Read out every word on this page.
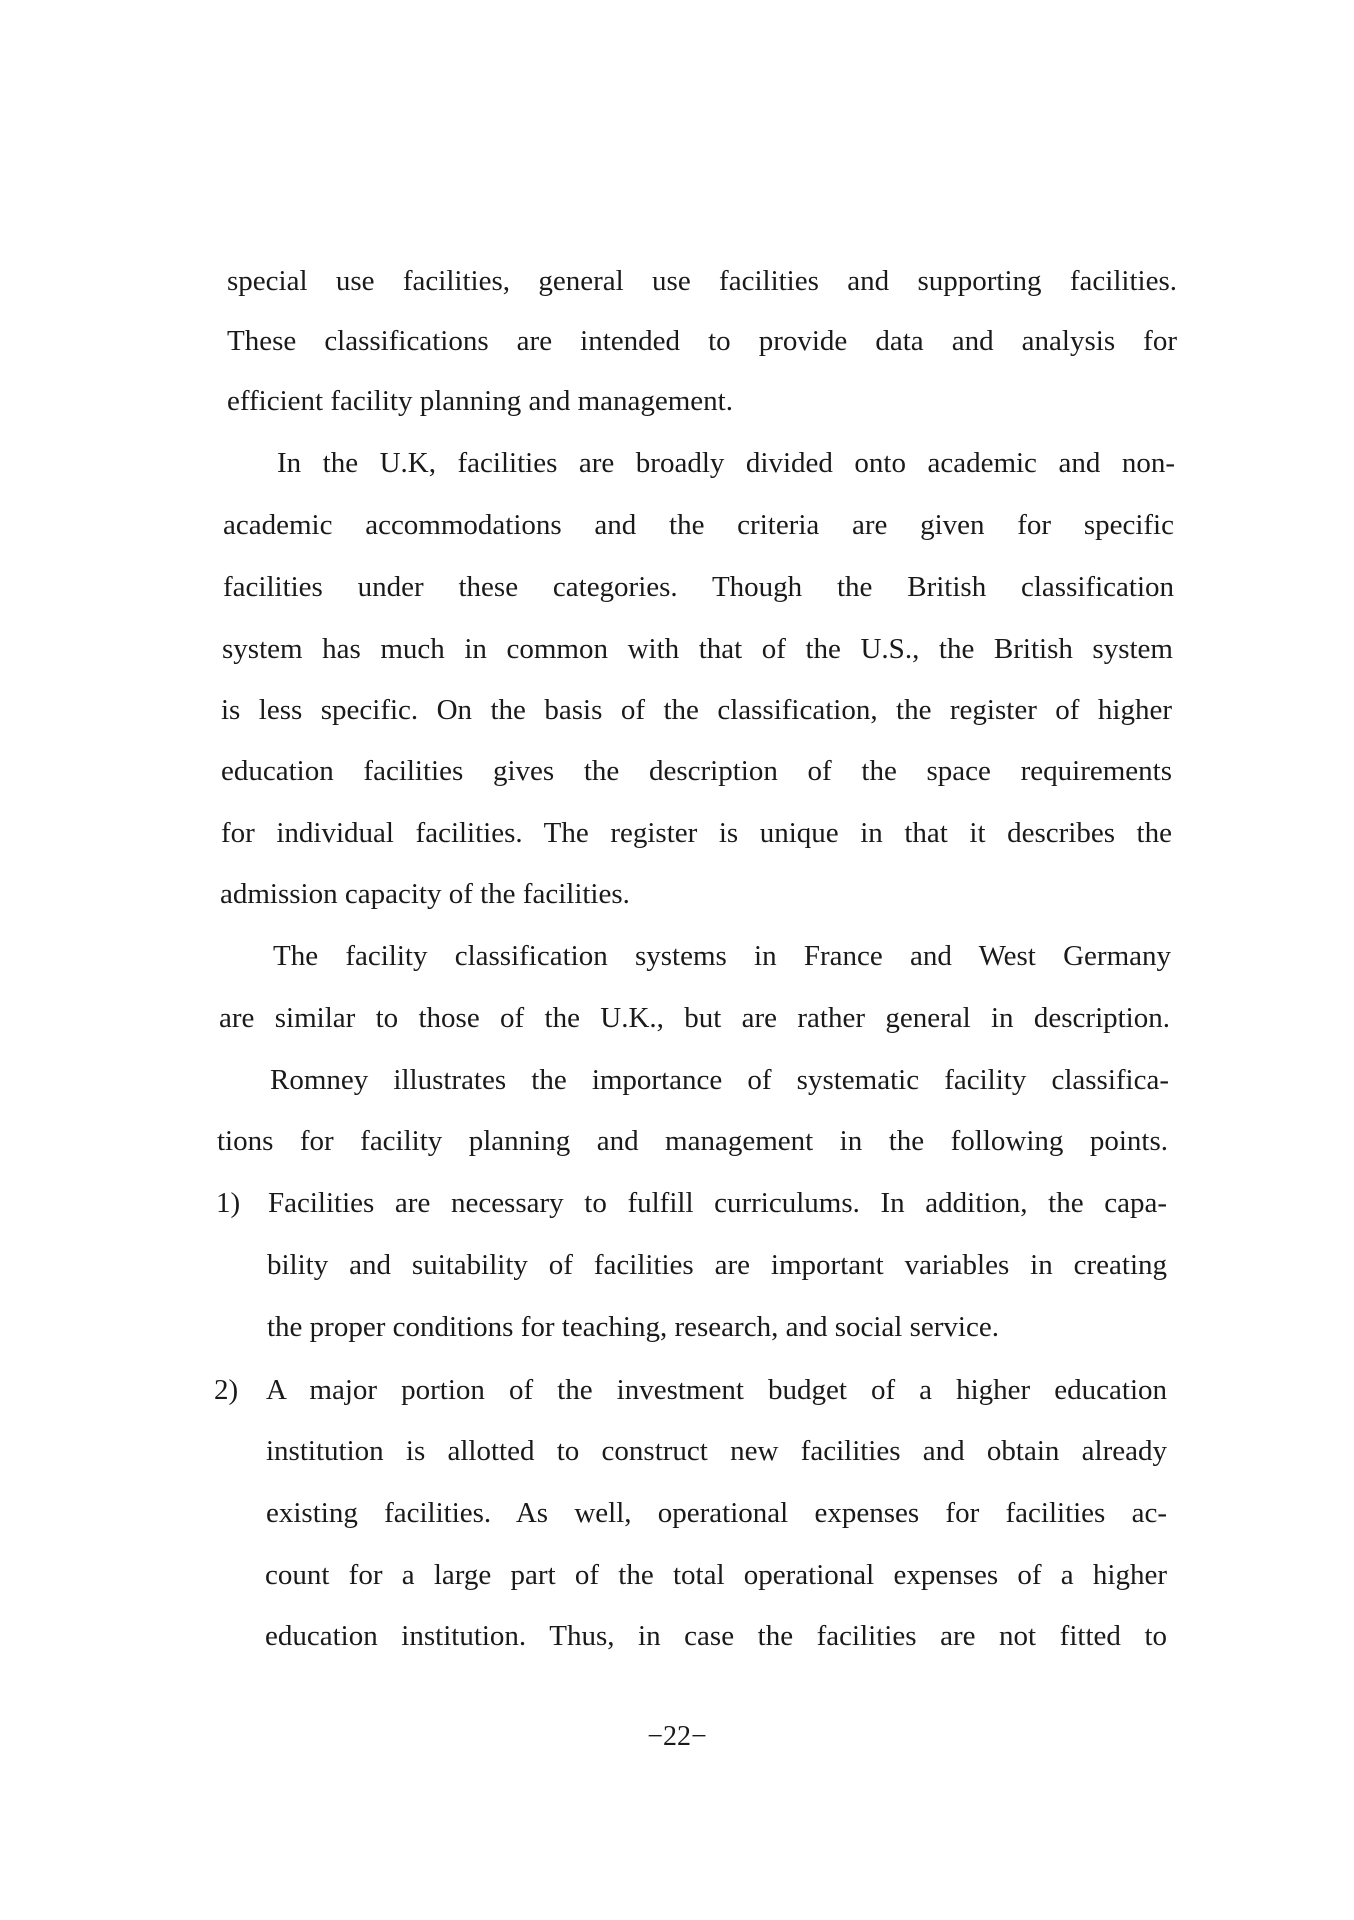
special use facilities, general use facilities and supporting facilities.
These classifications are intended to provide data and analysis for
efficient facility planning and management.
In the U.K, facilities are broadly divided onto academic and non-
academic accommodations and the criteria are given for specific
facilities under these categories. Though the British classification
system has much in common with that of the U.S., the British system
is less specific. On the basis of the classification, the register of higher
education facilities gives the description of the space requirements
for individual facilities. The register is unique in that it describes the
admission capacity of the facilities.
The facility classification systems in France and West Germany
are similar to those of the U.K., but are rather general in description.
Romney illustrates the importance of systematic facility classifica-
tions for facility planning and management in the following points.
1) Facilities are necessary to fulfill curriculums. In addition, the capa-
bility and suitability of facilities are important variables in creating
the proper conditions for teaching, research, and social service.
2) A major portion of the investment budget of a higher education
institution is allotted to construct new facilities and obtain already
existing facilities. As well, operational expenses for facilities ac-
count for a large part of the total operational expenses of a higher
education institution. Thus, in case the facilities are not fitted to
−22−
